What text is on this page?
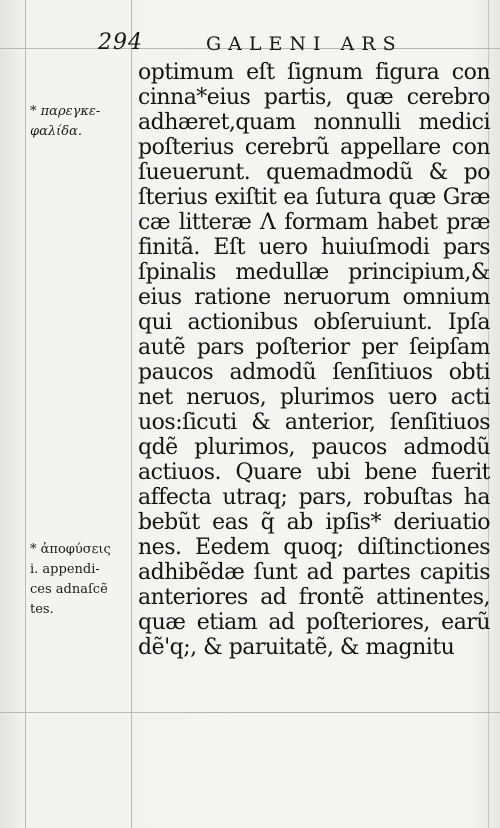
294	GALENI ARS
* παρεγκε-
φαλίδα.
* ἀποφύσεις
i. appendi-
ces adnaſcẽ
tes.
optimum eſt ſignum figura con
cinna*eius partis, quæ cerebro
adhæret,quam nonnulli medici
poſterius cerebrũ appellare con
ſueuerunt. quemadmodũ & po
ſterius exiſtit ea ſutura quæ Græ
cæ litteræ Λ formam habet præ
finitã. Eſt uero huiuſmodi pars
ſpinalis medullæ principium,&
eius ratione neruorum omnium
qui actionibus obſeruiunt. Ipſa
autẽ pars poſterior per ſeipſam
paucos admodũ ſenſitiuos obti
net neruos, plurimos uero acti
uos:ſicuti & anterior, ſenſitiuos
qdẽ plurimos, paucos admodũ
actiuos. Quare ubi bene fuerit
affecta utraq; pars, robuſtas ha
bebũt eas q̃ ab ipſis* deriuatio
nes. Eedem quoq; diſtinctiones
adhibẽdæ ſunt ad partes capitis
anteriores ad frontẽ attinentes,
quæ etiam ad poſteriores, earũ
dẽ'q;, & paruitatẽ, & magnitu
